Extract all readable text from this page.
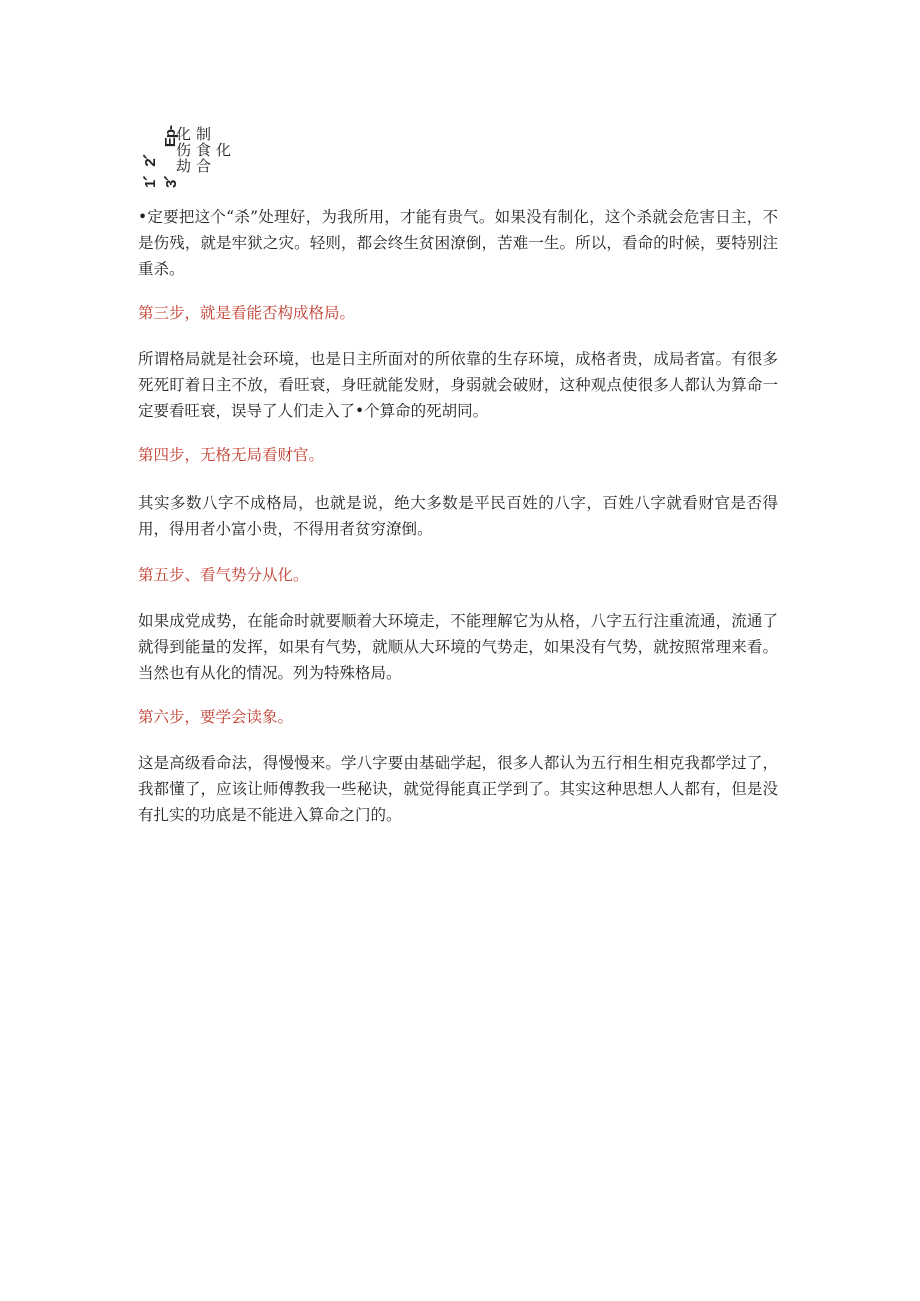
1、2、3、
Ep-
化伤劫 制食合 化

•定要把这个“杀”处理好，为我所用，才能有贵气。如果没有制化，这个杀就会危害日主，不是伤残，就是牢狱之灾。轻则，都会终生贫困潦倒，苦难一生。所以，看命的时候，要特别注重杀。

第三步，就是看能否构成格局。

所谓格局就是社会环境，也是日主所面对的所依靠的生存环境，成格者贵，成局者富。有很多死死盯着日主不放，看旺衰，身旺就能发财，身弱就会破财，这种观点使很多人都认为算命一定要看旺衰，误导了人们走入了•个算命的死胡同。

第四步，无格无局看财官。

其实多数八字不成格局，也就是说，绝大多数是平民百姓的八字，百姓八字就看财官是否得用，得用者小富小贵，不得用者贫穷潦倒。

第五步、看气势分从化。

如果成党成势，在能命时就要顺着大环境走，不能理解它为从格，八字五行注重流通，流通了就得到能量的发挥，如果有气势，就顺从大环境的气势走，如果没有气势，就按照常理来看。当然也有从化的情况。列为特殊格局。

第六步，要学会读象。

这是高级看命法，得慢慢来。学八字要由基础学起，很多人都认为五行相生相克我都学过了，我都懂了，应该让师傅教我一些秘诀，就觉得能真正学到了。其实这种思想人人都有，但是没有扎实的功底是不能进入算命之门的。
